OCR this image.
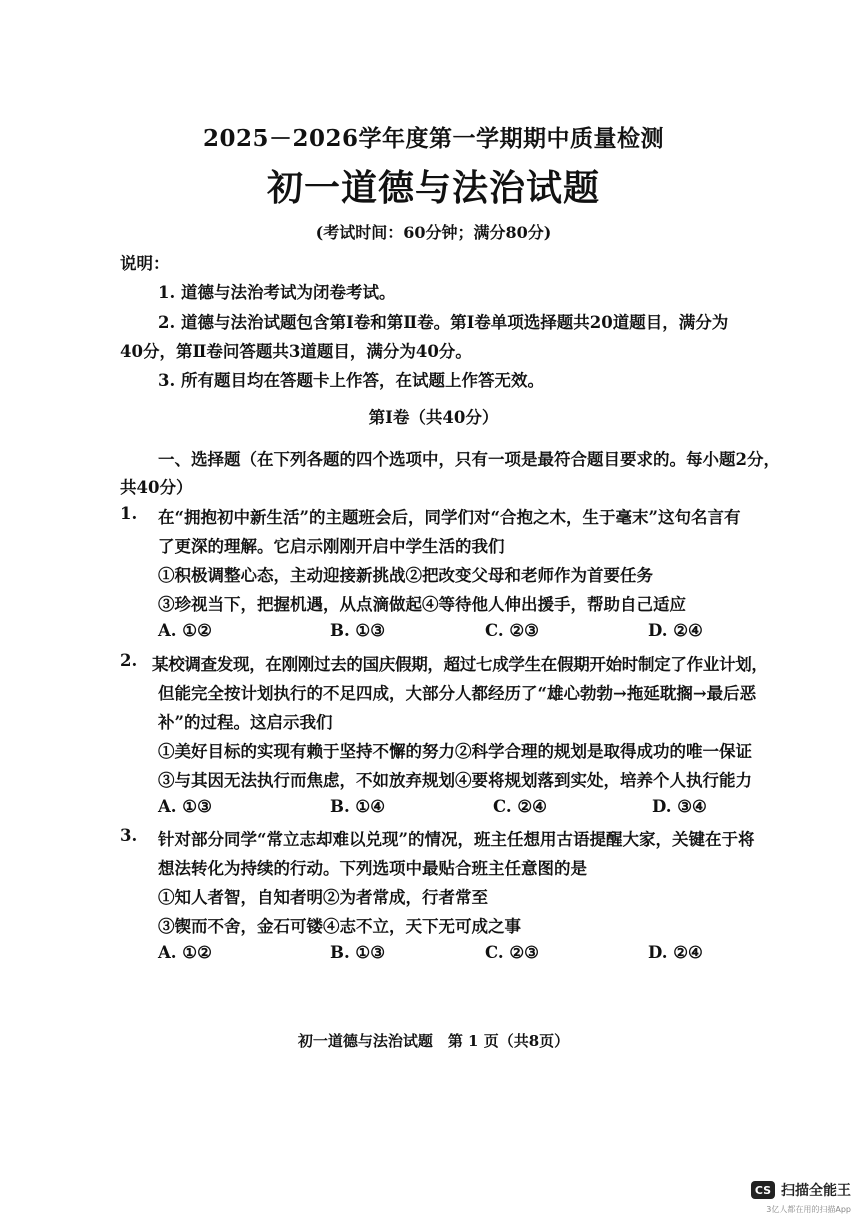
2025－2026学年度第一学期期中质量检测
初一道德与法治试题
(考试时间：60分钟；满分80分)
说明：
1. 道德与法治考试为闭卷考试。
2. 道德与法治试题包含第Ⅰ卷和第Ⅱ卷。第Ⅰ卷单项选择题共20道题目，满分为
40分，第Ⅱ卷问答题共3道题目，满分为40分。
3. 所有题目均在答题卡上作答，在试题上作答无效。
第Ⅰ卷（共40分）
一、选择题（在下列各题的四个选项中，只有一项是最符合题目要求的。每小题2分，
共40分）
1. 在“拥抱初中新生活”的主题班会后，同学们对“合抱之木，生于毫末”这句名言有
了更深的理解。它启示刚刚开启中学生活的我们
①积极调整心态，主动迎接新挑战②把改变父母和老师作为首要任务
③珍视当下，把握机遇，从点滴做起④等待他人伸出援手，帮助自己适应
A. ①②	B. ①③	C. ②③	D. ②④
2. 某校调查发现，在刚刚过去的国庆假期，超过七成学生在假期开始时制定了作业计划，
但能完全按计划执行的不足四成，大部分人都经历了“雄心勃勃→拖延耽搁→最后恶
补”的过程。这启示我们
①美好目标的实现有赖于坚持不懈的努力②科学合理的规划是取得成功的唯一保证
③与其因无法执行而焦虑，不如放弃规划④要将规划落到实处，培养个人执行能力
A. ①③	B. ①④	C. ②④	D. ③④
3. 针对部分同学“常立志却难以兑现”的情况，班主任想用古语提醒大家，关键在于将
想法转化为持续的行动。下列选项中最贴合班主任意图的是
①知人者智，自知者明②为者常成，行者常至
③锲而不舍，金石可镂④志不立，天下无可成之事
A. ①②	B. ①③	C. ②③	D. ②④
初一道德与法治试题　第 1 页（共8页）
CS 扫描全能王
3亿人都在用的扫描App
